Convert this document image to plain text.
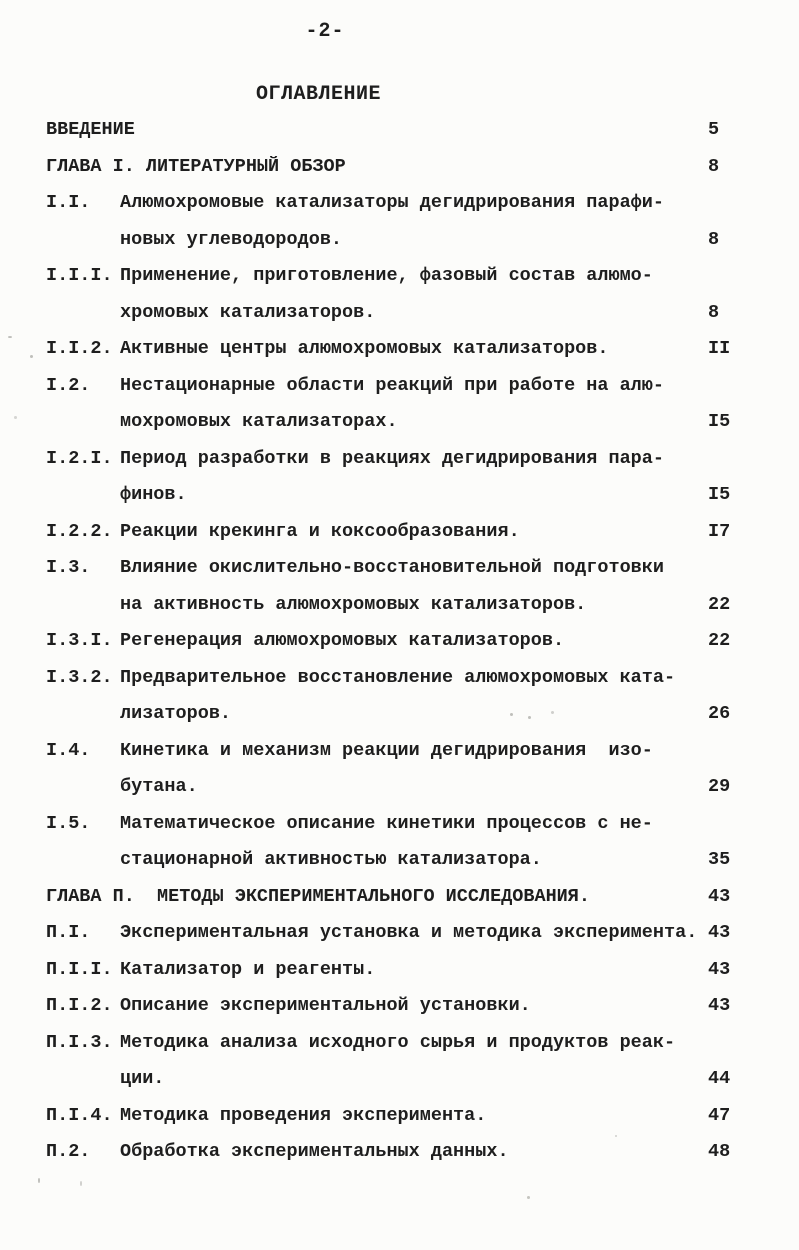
-2-
ОГЛАВЛЕНИЕ
ВВЕДЕНИЕ	5
ГЛАВА I. ЛИТЕРАТУРНЫЙ ОБЗОР	8
I.I.	Алюмохромовые катализаторы дегидрирования парафи-
новых углеводородов.	8
I.I.I. Применение, приготовление, фазовый состав алюмо-
хромовых катализаторов.	8
I.I.2. Активные центры алюмохромовых катализаторов.	II
I.2.	Нестационарные области реакций при работе на алю-
мохромовых катализаторах.	I5
I.2.I. Период разработки в реакциях дегидрирования пара-
финов.	I5
I.2.2. Реакции крекинга и коксообразования.	I7
I.3.	Влияние окислительно-восстановительной подготовки
на активность алюмохромовых катализаторов.	22
I.3.I. Регенерация алюмохромовых катализаторов.	22
I.3.2. Предварительное восстановление алюмохромовых ката-
лизаторов.	26
I.4.	Кинетика и механизм реакции дегидрирования  изо-
бутана.	29
I.5.	Математическое описание кинетики процессов с не-
стационарной активностью катализатора.	35
ГЛАВА П.  МЕТОДЫ ЭКСПЕРИМЕНТАЛЬНОГО ИССЛЕДОВАНИЯ.	43
П.I.	Экспериментальная установка и методика эксперимента. 43
П.I.I. Катализатор и реагенты.	43
П.I.2. Описание экспериментальной установки.	43
П.I.3. Методика анализа исходного сырья и продуктов реак-
ции.	44
П.I.4. Методика проведения эксперимента.	47
П.2.	Обработка экспериментальных данных.	48
